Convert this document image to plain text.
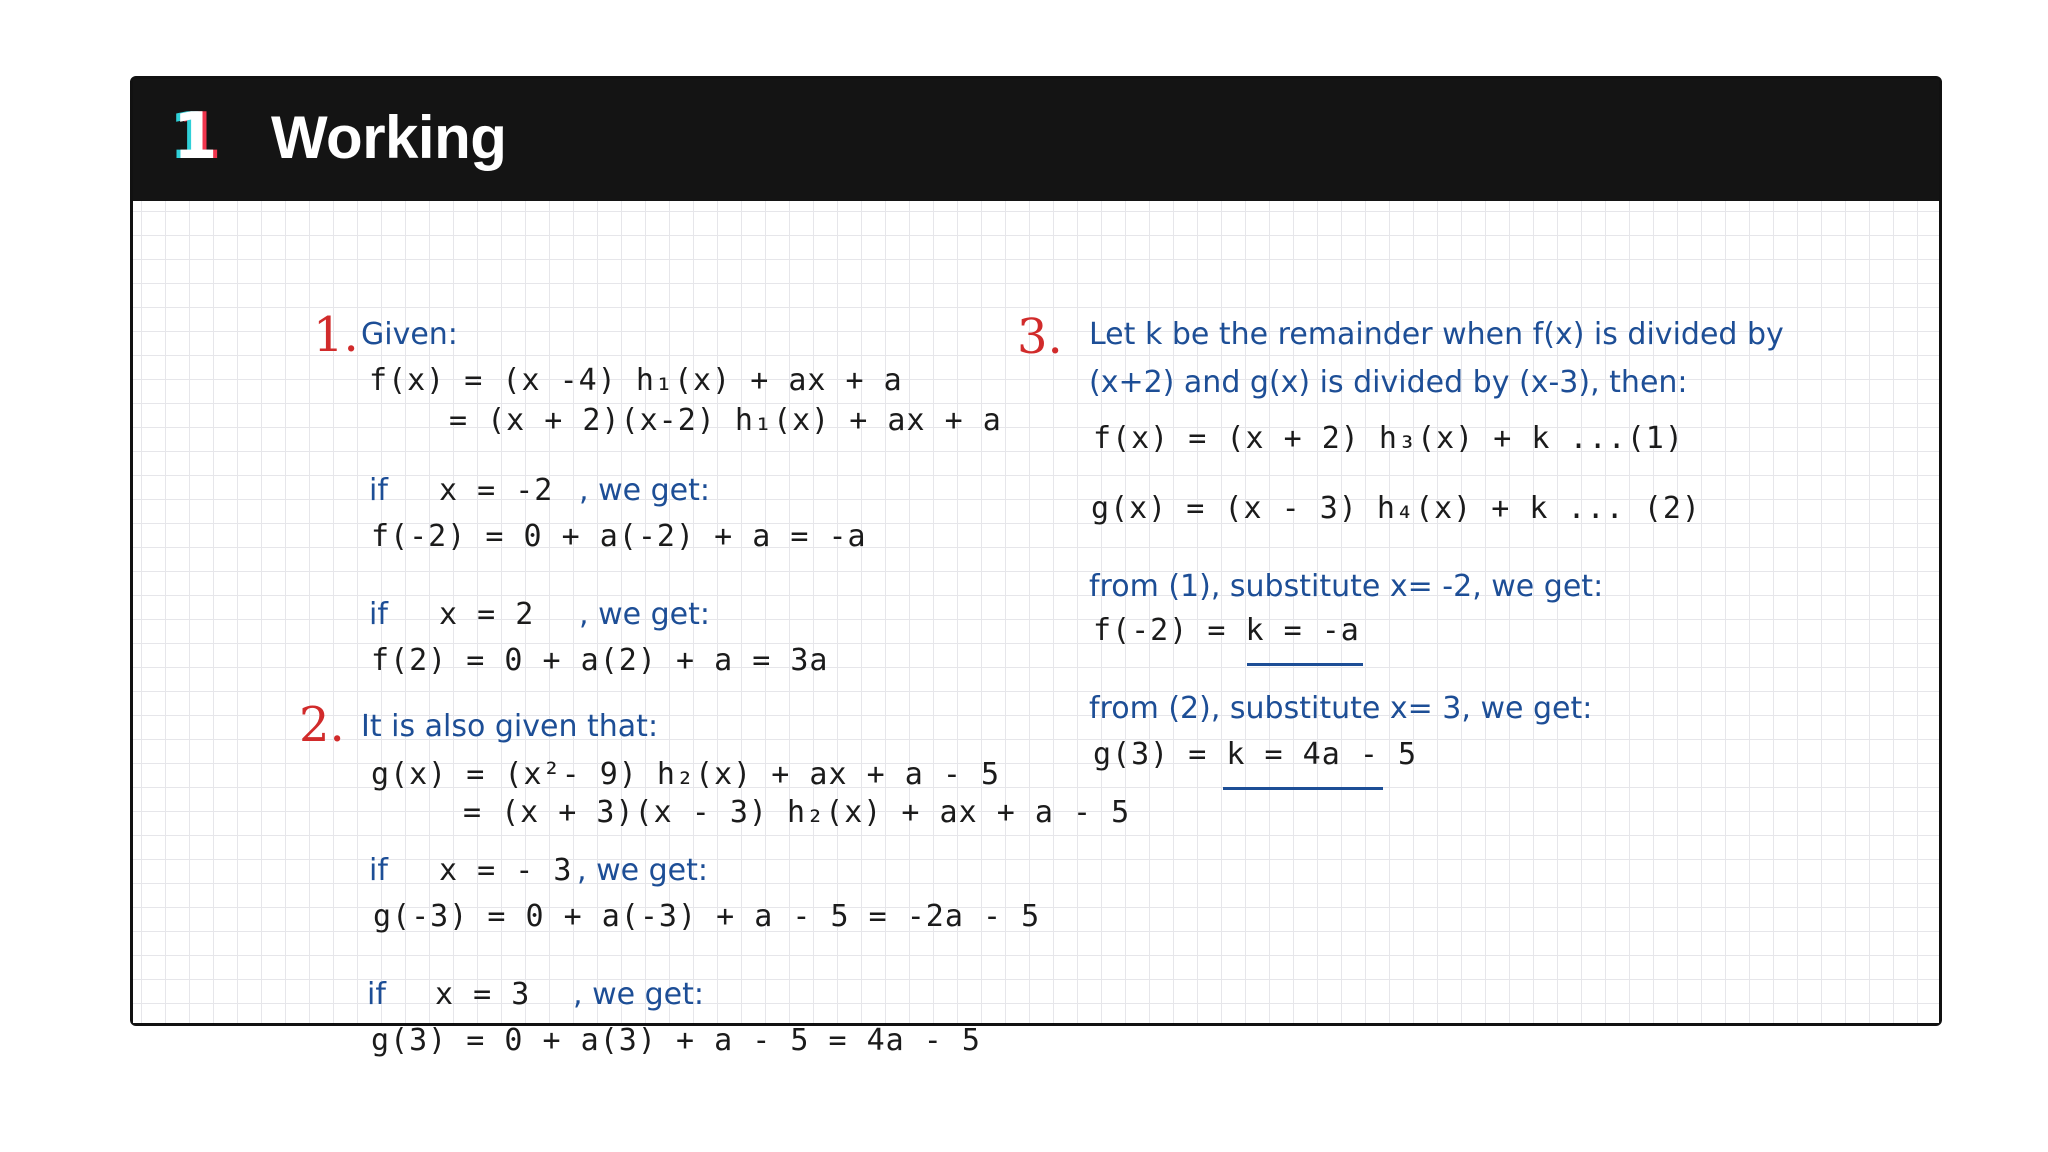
1 Working
1. Given:
f(x) = (x -4) h₁(x) + ax + a
= (x + 2)(x-2) h₁(x) + ax + a
if x = -2 , we get:
f(-2) = 0 + a(-2) + a = -a
if x = 2 , we get:
f(2) = 0 + a(2) + a = 3a
2. It is also given that:
g(x) = (x²- 9) h₂(x) + ax + a - 5
= (x + 3)(x - 3) h₂(x) + ax + a - 5
if x = - 3 , we get:
g(-3) = 0 + a(-3) + a - 5 = -2a - 5
if x = 3 , we get:
g(3) = 0 + a(3) + a - 5 = 4a - 5
3. Let k be the remainder when f(x) is divided by
(x+2) and g(x) is divided by (x-3), then:
f(x) = (x + 2) h₃(x) + k ...(1)
g(x) = (x - 3) h₄(x) + k ... (2)
from (1), substitute x= -2, we get:
f(-2) = k = -a
from (2), substitute x= 3, we get:
g(3) = k = 4a - 5
